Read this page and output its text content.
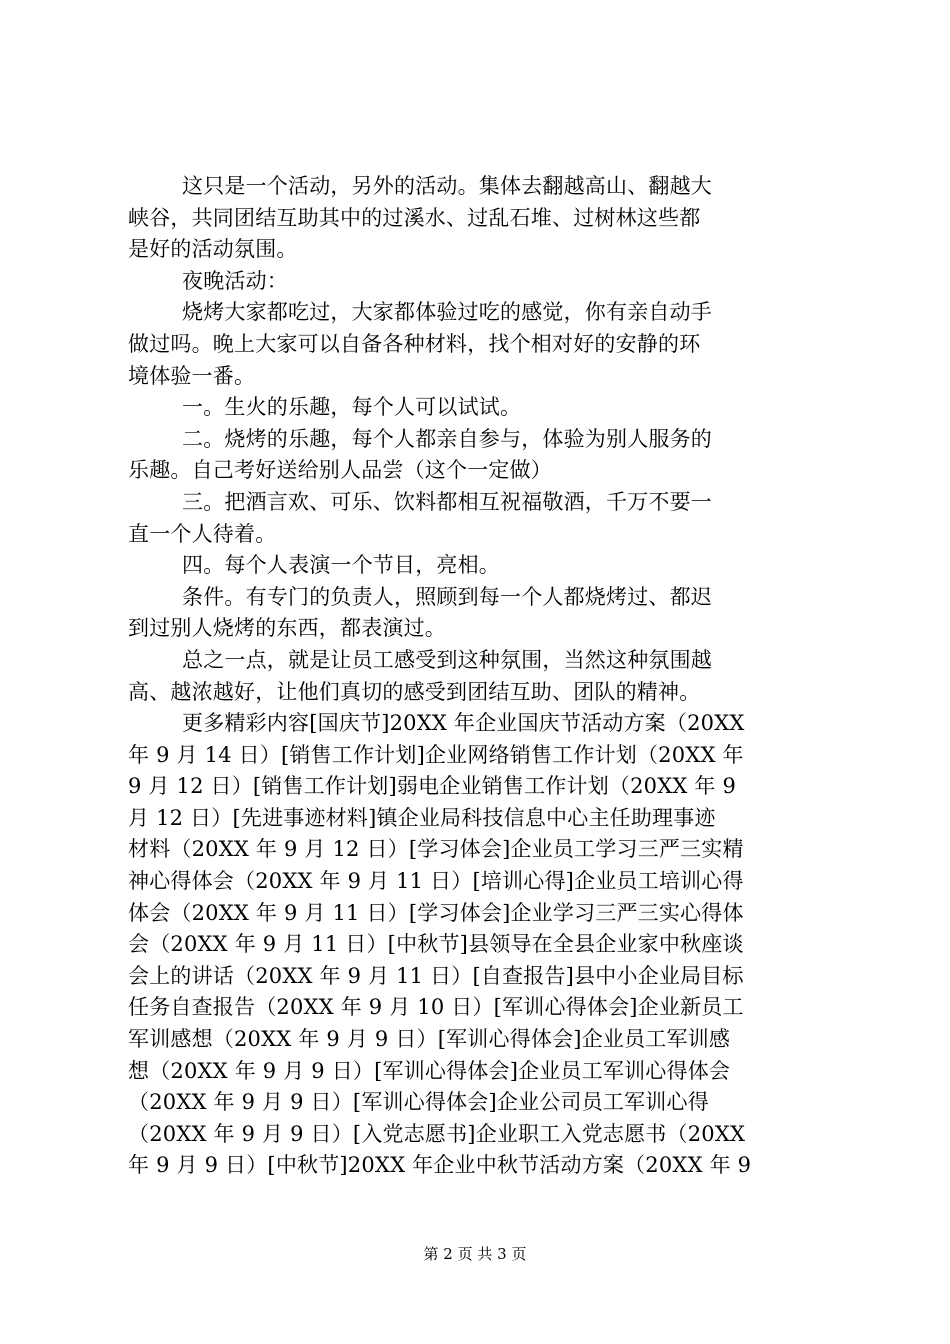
这只是一个活动，另外的活动。集体去翻越高山、翻越大
峡谷，共同团结互助其中的过溪水、过乱石堆、过树林这些都
是好的活动氛围。
夜晚活动：
烧烤大家都吃过，大家都体验过吃的感觉，你有亲自动手
做过吗。晚上大家可以自备各种材料，找个相对好的安静的环
境体验一番。
一。生火的乐趣，每个人可以试试。
二。烧烤的乐趣，每个人都亲自参与，体验为别人服务的
乐趣。自己考好送给别人品尝（这个一定做）
三。把酒言欢、可乐、饮料都相互祝福敬酒，千万不要一
直一个人待着。
四。每个人表演一个节目，亮相。
条件。有专门的负责人，照顾到每一个人都烧烤过、都迟
到过别人烧烤的东西，都表演过。
总之一点，就是让员工感受到这种氛围，当然这种氛围越
高、越浓越好，让他们真切的感受到团结互助、团队的精神。
更多精彩内容[国庆节]20XX 年企业国庆节活动方案（20XX
年 9 月 14 日）[销售工作计划]企业网络销售工作计划（20XX 年
9 月 12 日）[销售工作计划]弱电企业销售工作计划（20XX 年 9
月 12 日）[先进事迹材料]镇企业局科技信息中心主任助理事迹
材料（20XX 年 9 月 12 日）[学习体会]企业员工学习三严三实精
神心得体会（20XX 年 9 月 11 日）[培训心得]企业员工培训心得
体会（20XX 年 9 月 11 日）[学习体会]企业学习三严三实心得体
会（20XX 年 9 月 11 日）[中秋节]县领导在全县企业家中秋座谈
会上的讲话（20XX 年 9 月 11 日）[自查报告]县中小企业局目标
任务自查报告（20XX 年 9 月 10 日）[军训心得体会]企业新员工
军训感想（20XX 年 9 月 9 日）[军训心得体会]企业员工军训感
想（20XX 年 9 月 9 日）[军训心得体会]企业员工军训心得体会
（20XX 年 9 月 9 日）[军训心得体会]企业公司员工军训心得
（20XX 年 9 月 9 日）[入党志愿书]企业职工入党志愿书（20XX
年 9 月 9 日）[中秋节]20XX 年企业中秋节活动方案（20XX 年 9
第 2 页 共 3 页
